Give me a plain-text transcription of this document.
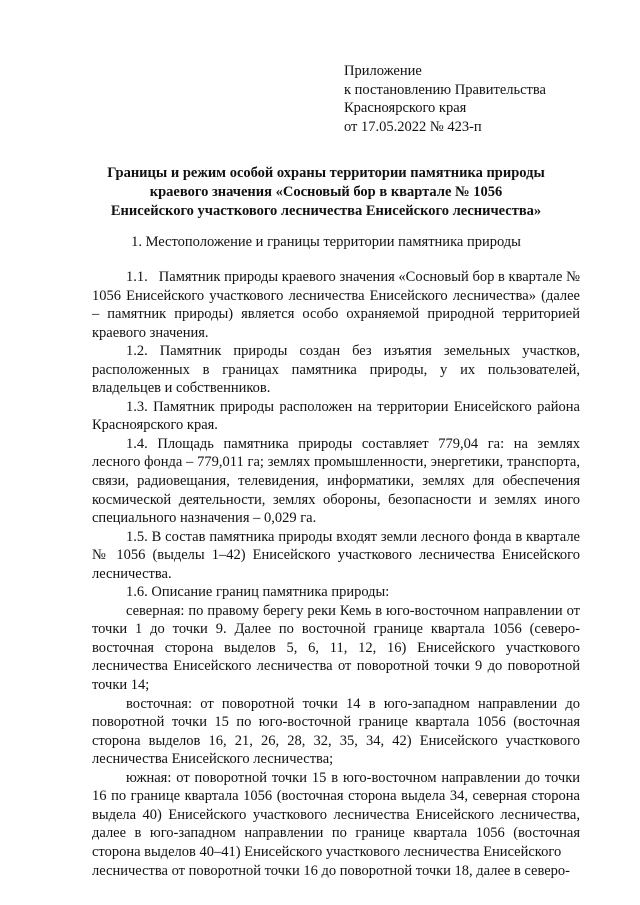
Приложение
к постановлению Правительства
Красноярского края
от 17.05.2022 № 423-п
Границы и режим особой охраны территории памятника природы
краевого значения «Сосновый бор в квартале № 1056
Енисейского участкового лесничества Енисейского лесничества»
1. Местоположение и границы территории памятника природы

1.1.   Памятник природы краевого значения «Сосновый бор в квартале № 1056 Енисейского участкового лесничества Енисейского лесничества» (далее – памятник природы) является особо охраняемой природной территорией краевого значения.

1.2. Памятник природы создан без изъятия земельных участков, расположенных в границах памятника природы, у их пользователей, владельцев и собственников.

1.3. Памятник природы расположен на территории Енисейского района Красноярского края.

1.4. Площадь памятника природы составляет 779,04 га: на землях лесного фонда – 779,011 га; землях промышленности, энергетики, транспорта, связи, радиовещания, телевидения, информатики, землях для обеспечения космической деятельности, землях обороны, безопасности и землях иного специального назначения – 0,029 га.

1.5. В состав памятника природы входят земли лесного фонда в квартале № 1056 (выделы 1–42) Енисейского участкового лесничества Енисейского лесничества.

1.6. Описание границ памятника природы:

северная: по правому берегу реки Кемь в юго-восточном направлении от точки 1 до точки 9. Далее по восточной границе квартала 1056 (северо-восточная сторона выделов 5, 6, 11, 12, 16) Енисейского участкового лесничества Енисейского лесничества от поворотной точки 9 до поворотной точки 14;

восточная: от поворотной точки 14 в юго-западном направлении до поворотной точки 15 по юго-восточной границе квартала 1056 (восточная сторона выделов 16, 21, 26, 28, 32, 35, 34, 42) Енисейского участкового лесничества Енисейского лесничества;

южная: от поворотной точки 15 в юго-восточном направлении до точки 16 по границе квартала 1056 (восточная сторона выдела 34, северная сторона выдела 40) Енисейского участкового лесничества Енисейского лесничества, далее в юго-западном направлении по границе квартала 1056 (восточная сторона выделов 40–41) Енисейского участкового лесничества Енисейского

лесничества от поворотной точки 16 до поворотной точки 18, далее в северо-
